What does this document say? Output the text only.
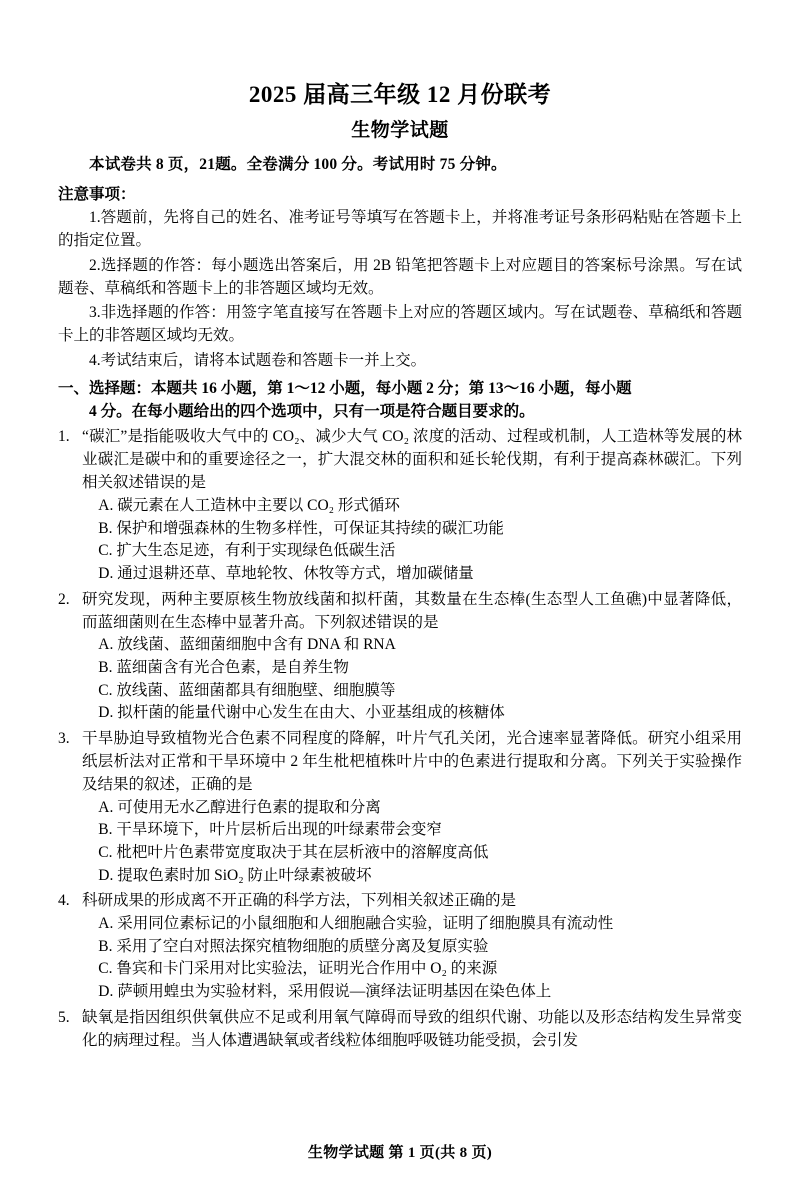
2025 届高三年级 12 月份联考
生物学试题
本试卷共 8 页，21题。全卷满分 100 分。考试用时 75 分钟。
注意事项：
1.答题前，先将自己的姓名、准考证号等填写在答题卡上，并将准考证号条形码粘贴在答题卡上的指定位置。
2.选择题的作答：每小题选出答案后，用 2B 铅笔把答题卡上对应题目的答案标号涂黑。写在试题卷、草稿纸和答题卡上的非答题区域均无效。
3.非选择题的作答：用签字笔直接写在答题卡上对应的答题区域内。写在试题卷、草稿纸和答题卡上的非答题区域均无效。
4.考试结束后，请将本试题卷和答题卡一并上交。
一、选择题：本题共 16 小题，第 1～12 小题，每小题 2 分；第 13～16 小题，每小题
4 分。在每小题给出的四个选项中，只有一项是符合题目要求的。
1. “碳汇”是指能吸收大气中的 CO₂、减少大气 CO₂ 浓度的活动、过程或机制，人工造林等发展的林业碳汇是碳中和的重要途径之一，扩大混交林的面积和延长轮伐期，有利于提高森林碳汇。下列相关叙述错误的是
A. 碳元素在人工造林中主要以 CO₂ 形式循环
B. 保护和增强森林的生物多样性，可保证其持续的碳汇功能
C. 扩大生态足迹，有利于实现绿色低碳生活
D. 通过退耕还草、草地轮牧、休牧等方式，增加碳储量
2. 研究发现，两种主要原核生物放线菌和拟杆菌，其数量在生态棒(生态型人工鱼礁)中显著降低，而蓝细菌则在生态棒中显著升高。下列叙述错误的是
A. 放线菌、蓝细菌细胞中含有 DNA 和 RNA
B. 蓝细菌含有光合色素，是自养生物
C. 放线菌、蓝细菌都具有细胞壁、细胞膜等
D. 拟杆菌的能量代谢中心发生在由大、小亚基组成的核糖体
3. 干旱胁迫导致植物光合色素不同程度的降解，叶片气孔关闭，光合速率显著降低。研究小组采用纸层析法对正常和干旱环境中 2 年生枇杷植株叶片中的色素进行提取和分离。下列关于实验操作及结果的叙述，正确的是
A. 可使用无水乙醇进行色素的提取和分离
B. 干旱环境下，叶片层析后出现的叶绿素带会变窄
C. 枇杷叶片色素带宽度取决于其在层析液中的溶解度高低
D. 提取色素时加 SiO₂ 防止叶绿素被破坏
4. 科研成果的形成离不开正确的科学方法，下列相关叙述正确的是
A. 采用同位素标记的小鼠细胞和人细胞融合实验，证明了细胞膜具有流动性
B. 采用了空白对照法探究植物细胞的质壁分离及复原实验
C. 鲁宾和卡门采用对比实验法，证明光合作用中 O₂ 的来源
D. 萨顿用蝗虫为实验材料，采用假说—演绎法证明基因在染色体上
5. 缺氧是指因组织供氧供应不足或利用氧气障碍而导致的组织代谢、功能以及形态结构发生异常变化的病理过程。当人体遭遇缺氧或者线粒体细胞呼吸链功能受损，会引发
生物学试题 第 1 页(共 8 页)
